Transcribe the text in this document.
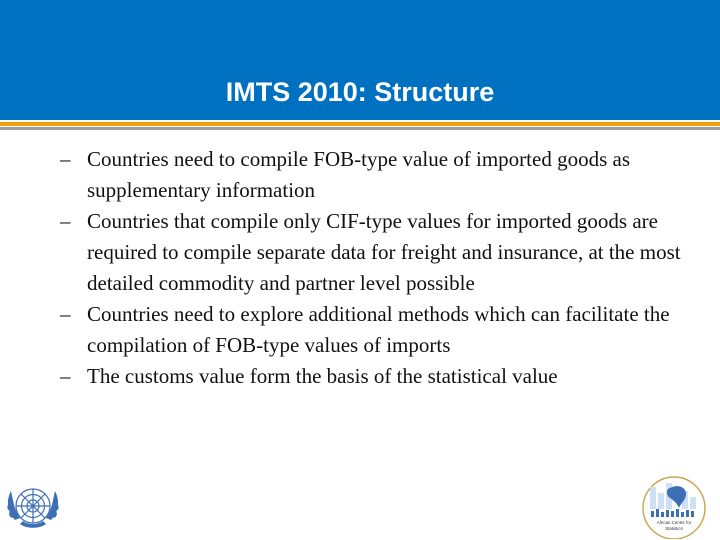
IMTS 2010: Structure
– Countries need to compile FOB-type value of imported goods as supplementary information
– Countries that compile only CIF-type values for imported goods are required to compile separate data for freight and insurance, at the most detailed commodity and partner level possible
– Countries need to explore additional methods which can facilitate the compilation of FOB-type values of imports
– The customs value form the basis of the statistical value
African Centre for
Statistics
